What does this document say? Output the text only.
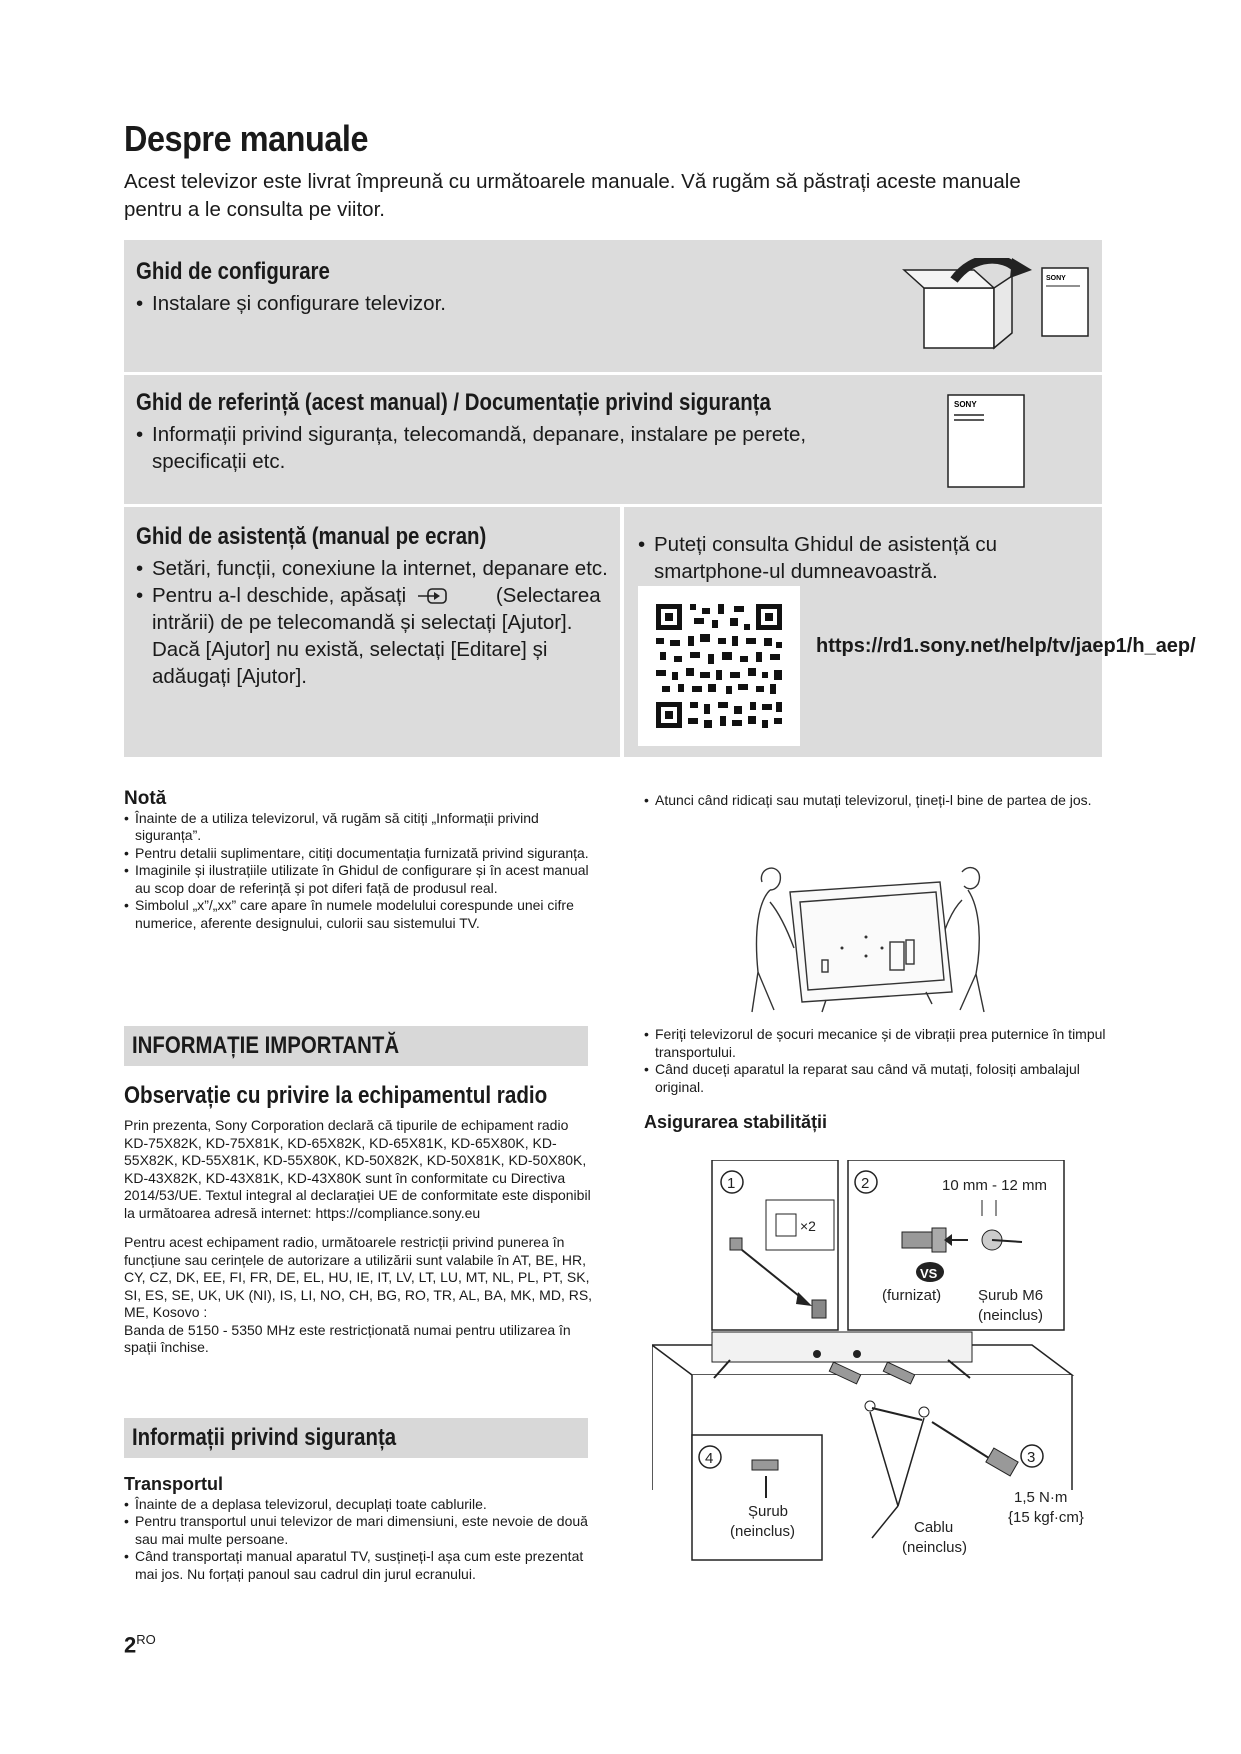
Despre manuale

Acest televizor este livrat împreună cu următoarele manuale. Vă rugăm să păstrați aceste manuale pentru a le consulta pe viitor.

Ghid de configurare
• Instalare și configurare televizor.
SONY
Ghid de referință (acest manual) / Documentație privind siguranța
• Informații privind siguranța, telecomandă, depanare, instalare pe perete, specificații etc.
SONY
Ghid de asistență (manual pe ecran)
• Setări, funcții, conexiune la internet, depanare etc.
• Pentru a-l deschide, apăsați	(Selectarea intrării) de pe telecomandă și selectați [Ajutor]. Dacă [Ajutor] nu există, selectați [Editare] și adăugați [Ajutor].
• Puteți consulta Ghidul de asistență cu smartphone-ul dumneavoastră.
https://rd1.sony.net/help/tv/jaep1/h_aep/
Notă
• Înainte de a utiliza televizorul, vă rugăm să citiți „Informații privind siguranța”.
• Pentru detalii suplimentare, citiți documentația furnizată privind siguranța.
• Imaginile și ilustrațiile utilizate în Ghidul de configurare și în acest manual au scop doar de referință și pot diferi față de produsul real.
• Simbolul „x”/„xx” care apare în numele modelului corespunde unei cifre numerice, aferente designului, culorii sau sistemului TV.
INFORMAȚIE IMPORTANTĂ
Observație cu privire la echipamentul radio

Prin prezenta, Sony Corporation declară că tipurile de echipament radio KD-75X82K, KD-75X81K, KD-65X82K, KD-65X81K, KD-65X80K, KD-55X82K, KD-55X81K, KD-55X80K, KD-50X82K, KD-50X81K, KD-50X80K, KD-43X82K, KD-43X81K, KD-43X80K sunt în conformitate cu Directiva 2014/53/UE. Textul integral al declarației UE de conformitate este disponibil la următoarea adresă internet: https://compliance.sony.eu

Pentru acest echipament radio, următoarele restricții privind punerea în funcțiune sau cerințele de autorizare a utilizării sunt valabile în AT, BE, HR, CY, CZ, DK, EE, FI, FR, DE, EL, HU, IE, IT, LV, LT, LU, MT, NL, PL, PT, SK, SI, ES, SE, UK, UK (NI), IS, LI, NO, CH, BG, RO, TR, AL, BA, MK, MD, RS, ME, Kosovo :

Banda de 5150 - 5350 MHz este restricționată numai pentru utilizarea în spații închise.

Informații privind siguranța
Transportul
• Înainte de a deplasa televizorul, decuplați toate cablurile.
• Pentru transportul unui televizor de mari dimensiuni, este nevoie de două sau mai multe persoane.
• Când transportați manual aparatul TV, susțineți-l așa cum este prezentat mai jos. Nu forțați panoul sau cadrul din jurul ecranului.
• Atunci când ridicați sau mutați televizorul, țineți-l bine de partea de jos.
• Feriți televizorul de șocuri mecanice și de vibrații prea puternice în timpul transportului.
• Când duceți aparatul la reparat sau când vă mutați, folosiți ambalajul original.
Asigurarea stabilității
1
×2
2	10 mm - 12 mm
VS
(furnizat) Șurub M6
(neinclus)
3
1,5 N·m
{15 kgf·cm}
4
Șurub
(neinclus)	Cablu
(neinclus)
$2^{RO}$
